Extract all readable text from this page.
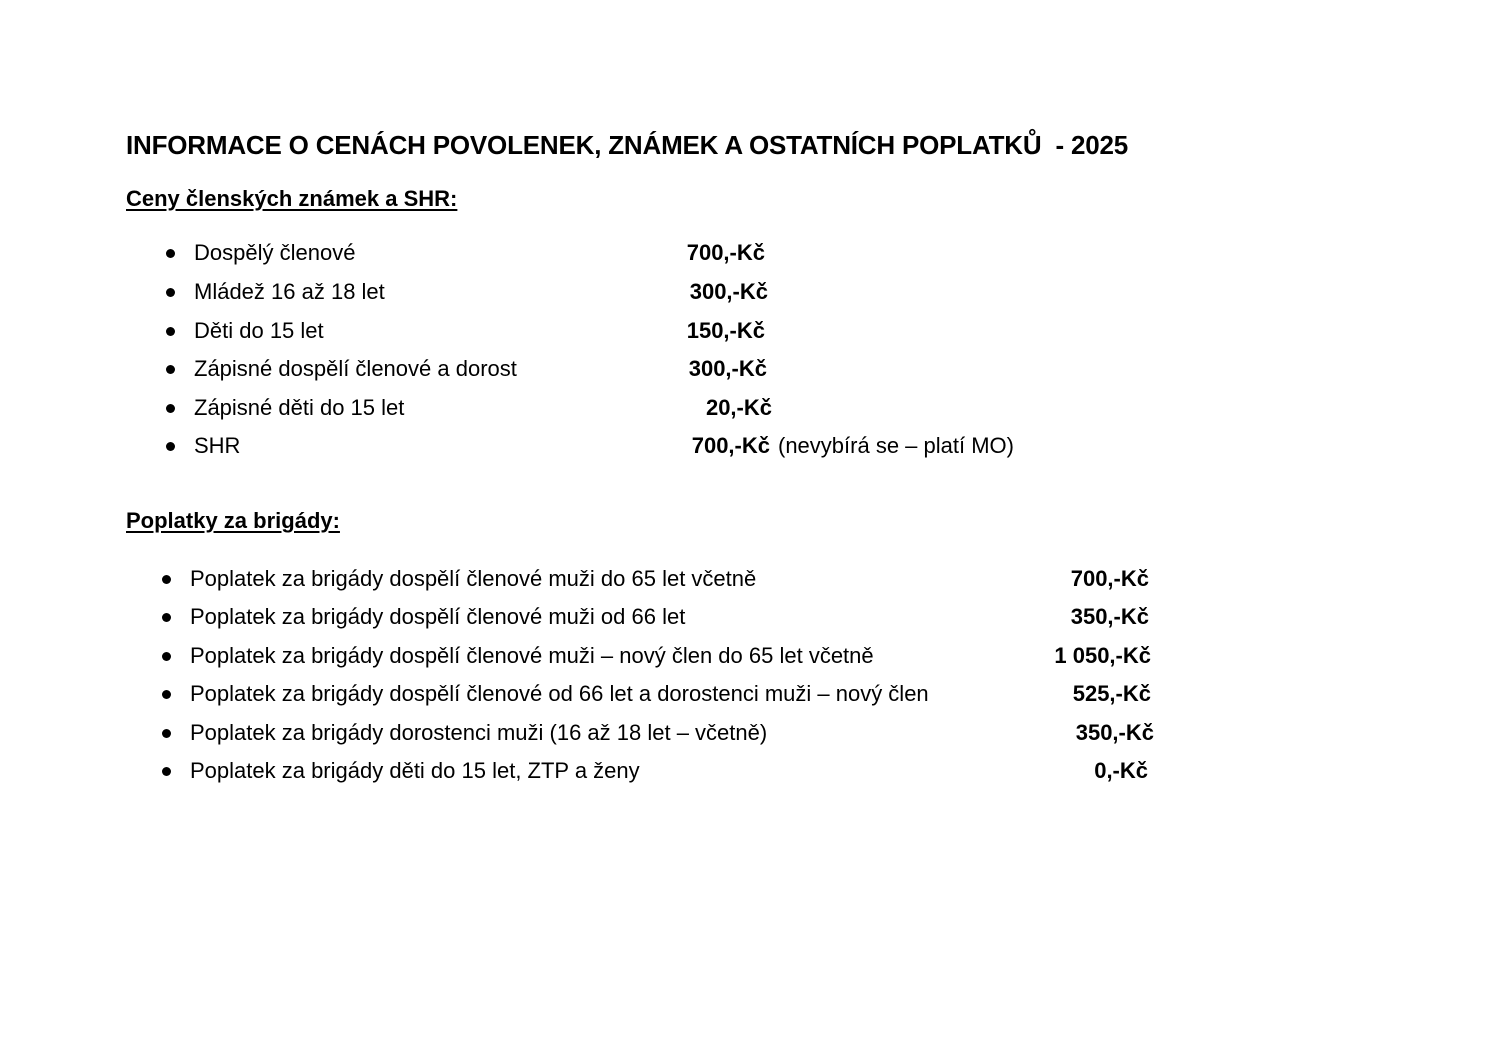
INFORMACE O CENÁCH POVOLENEK, ZNÁMEK A OSTATNÍCH POPLATKŮ  - 2025
Ceny členských známek a SHR:
Dospělý členové	700,-Kč
Mládež 16 až 18 let	300,-Kč
Děti do 15 let	150,-Kč
Zápisné dospělí členové a dorost	300,-Kč
Zápisné děti do 15 let	20,-Kč
SHR	700,-Kč (nevybírá se – platí MO)
Poplatky za brigády:
Poplatek za brigády dospělí členové muži do 65 let včetně	700,-Kč
Poplatek za brigády dospělí členové muži od 66 let	350,-Kč
Poplatek za brigády dospělí členové muži – nový člen do 65 let včetně	1 050,-Kč
Poplatek za brigády dospělí členové od 66 let a dorostenci muži – nový člen	525,-Kč
Poplatek za brigády dorostenci muži (16 až 18 let – včetně)	350,-Kč
Poplatek za brigády děti do 15 let, ZTP a ženy	0,-Kč
